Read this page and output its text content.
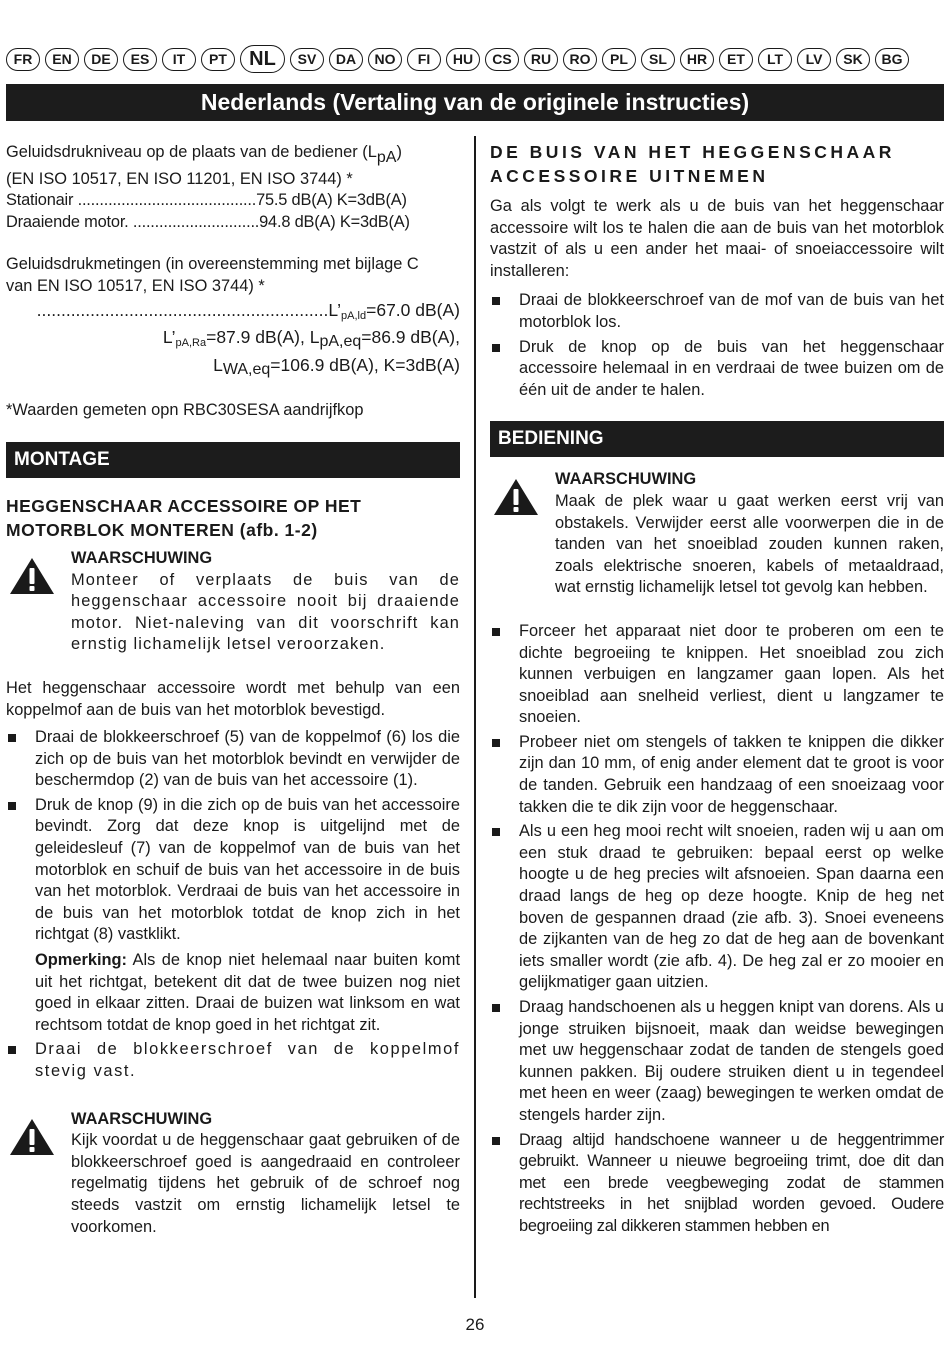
FR	EN	DE	ES	IT	PT	NL	SV	DA	NO	FI	HU	CS	RU	RO	PL	SL	HR	ET	LT	LV	SK	BG
Nederlands (Vertaling van de originele instructies)
Geluidsdrukniveau op de plaats van de bediener $(L_{pA})$
(EN ISO 10517, EN ISO 11201, EN ISO 3744) *
Stationair .........................................75.5 dB(A) K=3dB(A)
Draaiende motor. .............................94.8 dB(A) K=3dB(A)
Geluidsdrukmetingen (in overeenstemming met bijlage C
van EN ISO 10517, EN ISO 3744) *
$............................................................L’_{pA,ld}=67.0$ dB(A)
$L’_{pA,Ra}=87.9$ dB(A), $L_{pA,eq}=86.9$ dB(A),
$L_{WA,eq}=106.9$ dB(A), K=3dB(A)
*Waarden gemeten opn RBC30SESA aandrijfkop
MONTAGE
HEGGENSCHAAR ACCESSOIRE OP HET MOTORBLOK MONTEREN (afb. 1-2)
WAARSCHUWING

Monteer of verplaats de buis van de heggenschaar accessoire nooit bij draaiende motor. Niet-naleving van dit voorschrift kan ernstig lichamelijk letsel veroorzaken.

Het heggenschaar accessoire wordt met behulp van een koppelmof aan de buis van het motorblok bevestigd.

Draai de blokkeerschroef (5) van de koppelmof (6) los die zich op de buis van het motorblok bevindt en verwijder de beschermdop (2) van de buis van het accessoire (1).
Druk de knop (9) in die zich op de buis van het accessoire bevindt. Zorg dat deze knop is uitgelijnd met de geleidesleuf (7) van de koppelmof van de buis van het motorblok en schuif de buis van het accessoire in de buis van het motorblok. Verdraai de buis van het accessoire in de buis van het motorblok totdat de knop zich in het richtgat (8) vastklikt.

Opmerking: Als de knop niet helemaal naar buiten komt uit het richtgat, betekent dit dat de twee buizen nog niet goed in elkaar zitten. Draai de buizen wat linksom en wat rechtsom totdat de knop goed in het richtgat zit.

Draai de blokkeerschroef van de koppelmof stevig vast.
WAARSCHUWING

Kijk voordat u de heggenschaar gaat gebruiken of de blokkeerschroef goed is aangedraaid en controleer regelmatig tijdens het gebruik of de schroef nog steeds vastzit om ernstig lichamelijk letsel te voorkomen.

DE BUIS VAN HET HEGGENSCHAAR ACCESSOIRE UITNEMEN

Ga als volgt te werk als u de buis van het heggenschaar accessoire wilt los te halen die aan de buis van het motorblok vastzit of als u een ander het maai- of snoeiaccessoire wilt installeren:

Draai de blokkeerschroef van de mof van de buis van het motorblok los.
Druk de knop op de buis van het heggenschaar accessoire helemaal in en verdraai de twee buizen om de één uit de ander te halen.
BEDIENING
WAARSCHUWING

Maak de plek waar u gaat werken eerst vrij van obstakels. Verwijder eerst alle voorwerpen die in de tanden van het snoeiblad zouden kunnen raken, zoals elektrische snoeren, kabels of metaaldraad, wat ernstig lichamelijk letsel tot gevolg kan hebben.

Forceer het apparaat niet door te proberen om een te dichte begroeiing te knippen. Het snoeiblad zou zich kunnen verbuigen en langzamer gaan lopen. Als het snoeiblad aan snelheid verliest, dient u langzamer te snoeien.
Probeer niet om stengels of takken te knippen die dikker zijn dan 10 mm, of enig ander element dat te groot is voor de tanden. Gebruik een handzaag of een snoeizaag voor takken die te dik zijn voor de heggenschaar.
Als u een heg mooi recht wilt snoeien, raden wij u aan om een stuk draad te gebruiken: bepaal eerst op welke hoogte u de heg precies wilt afsnoeien. Span daarna een draad langs de heg op deze hoogte. Knip de heg net boven de gespannen draad (zie afb. 3). Snoei eveneens de zijkanten van de heg zo dat de heg aan de bovenkant iets smaller wordt (zie afb. 4). De heg zal er zo mooier en gelijkmatiger gaan uitzien.
Draag handschoenen als u heggen knipt van dorens. Als u jonge struiken bijsnoeit, maak dan weidse bewegingen met uw heggenschaar zodat de tanden de stengels goed kunnen pakken. Bij oudere struiken dient u in tegendeel met heen en weer (zaag) bewegingen te werken omdat de stengels harder zijn.
Draag altijd handschoene wanneer u de heggentrimmer gebruikt. Wanneer u nieuwe begroeiing trimt, doe dit dan met een brede veegbeweging zodat de stammen rechtstreeks in het snijblad worden gevoed. Oudere begroeiing zal dikkeren stammen hebben en
26
